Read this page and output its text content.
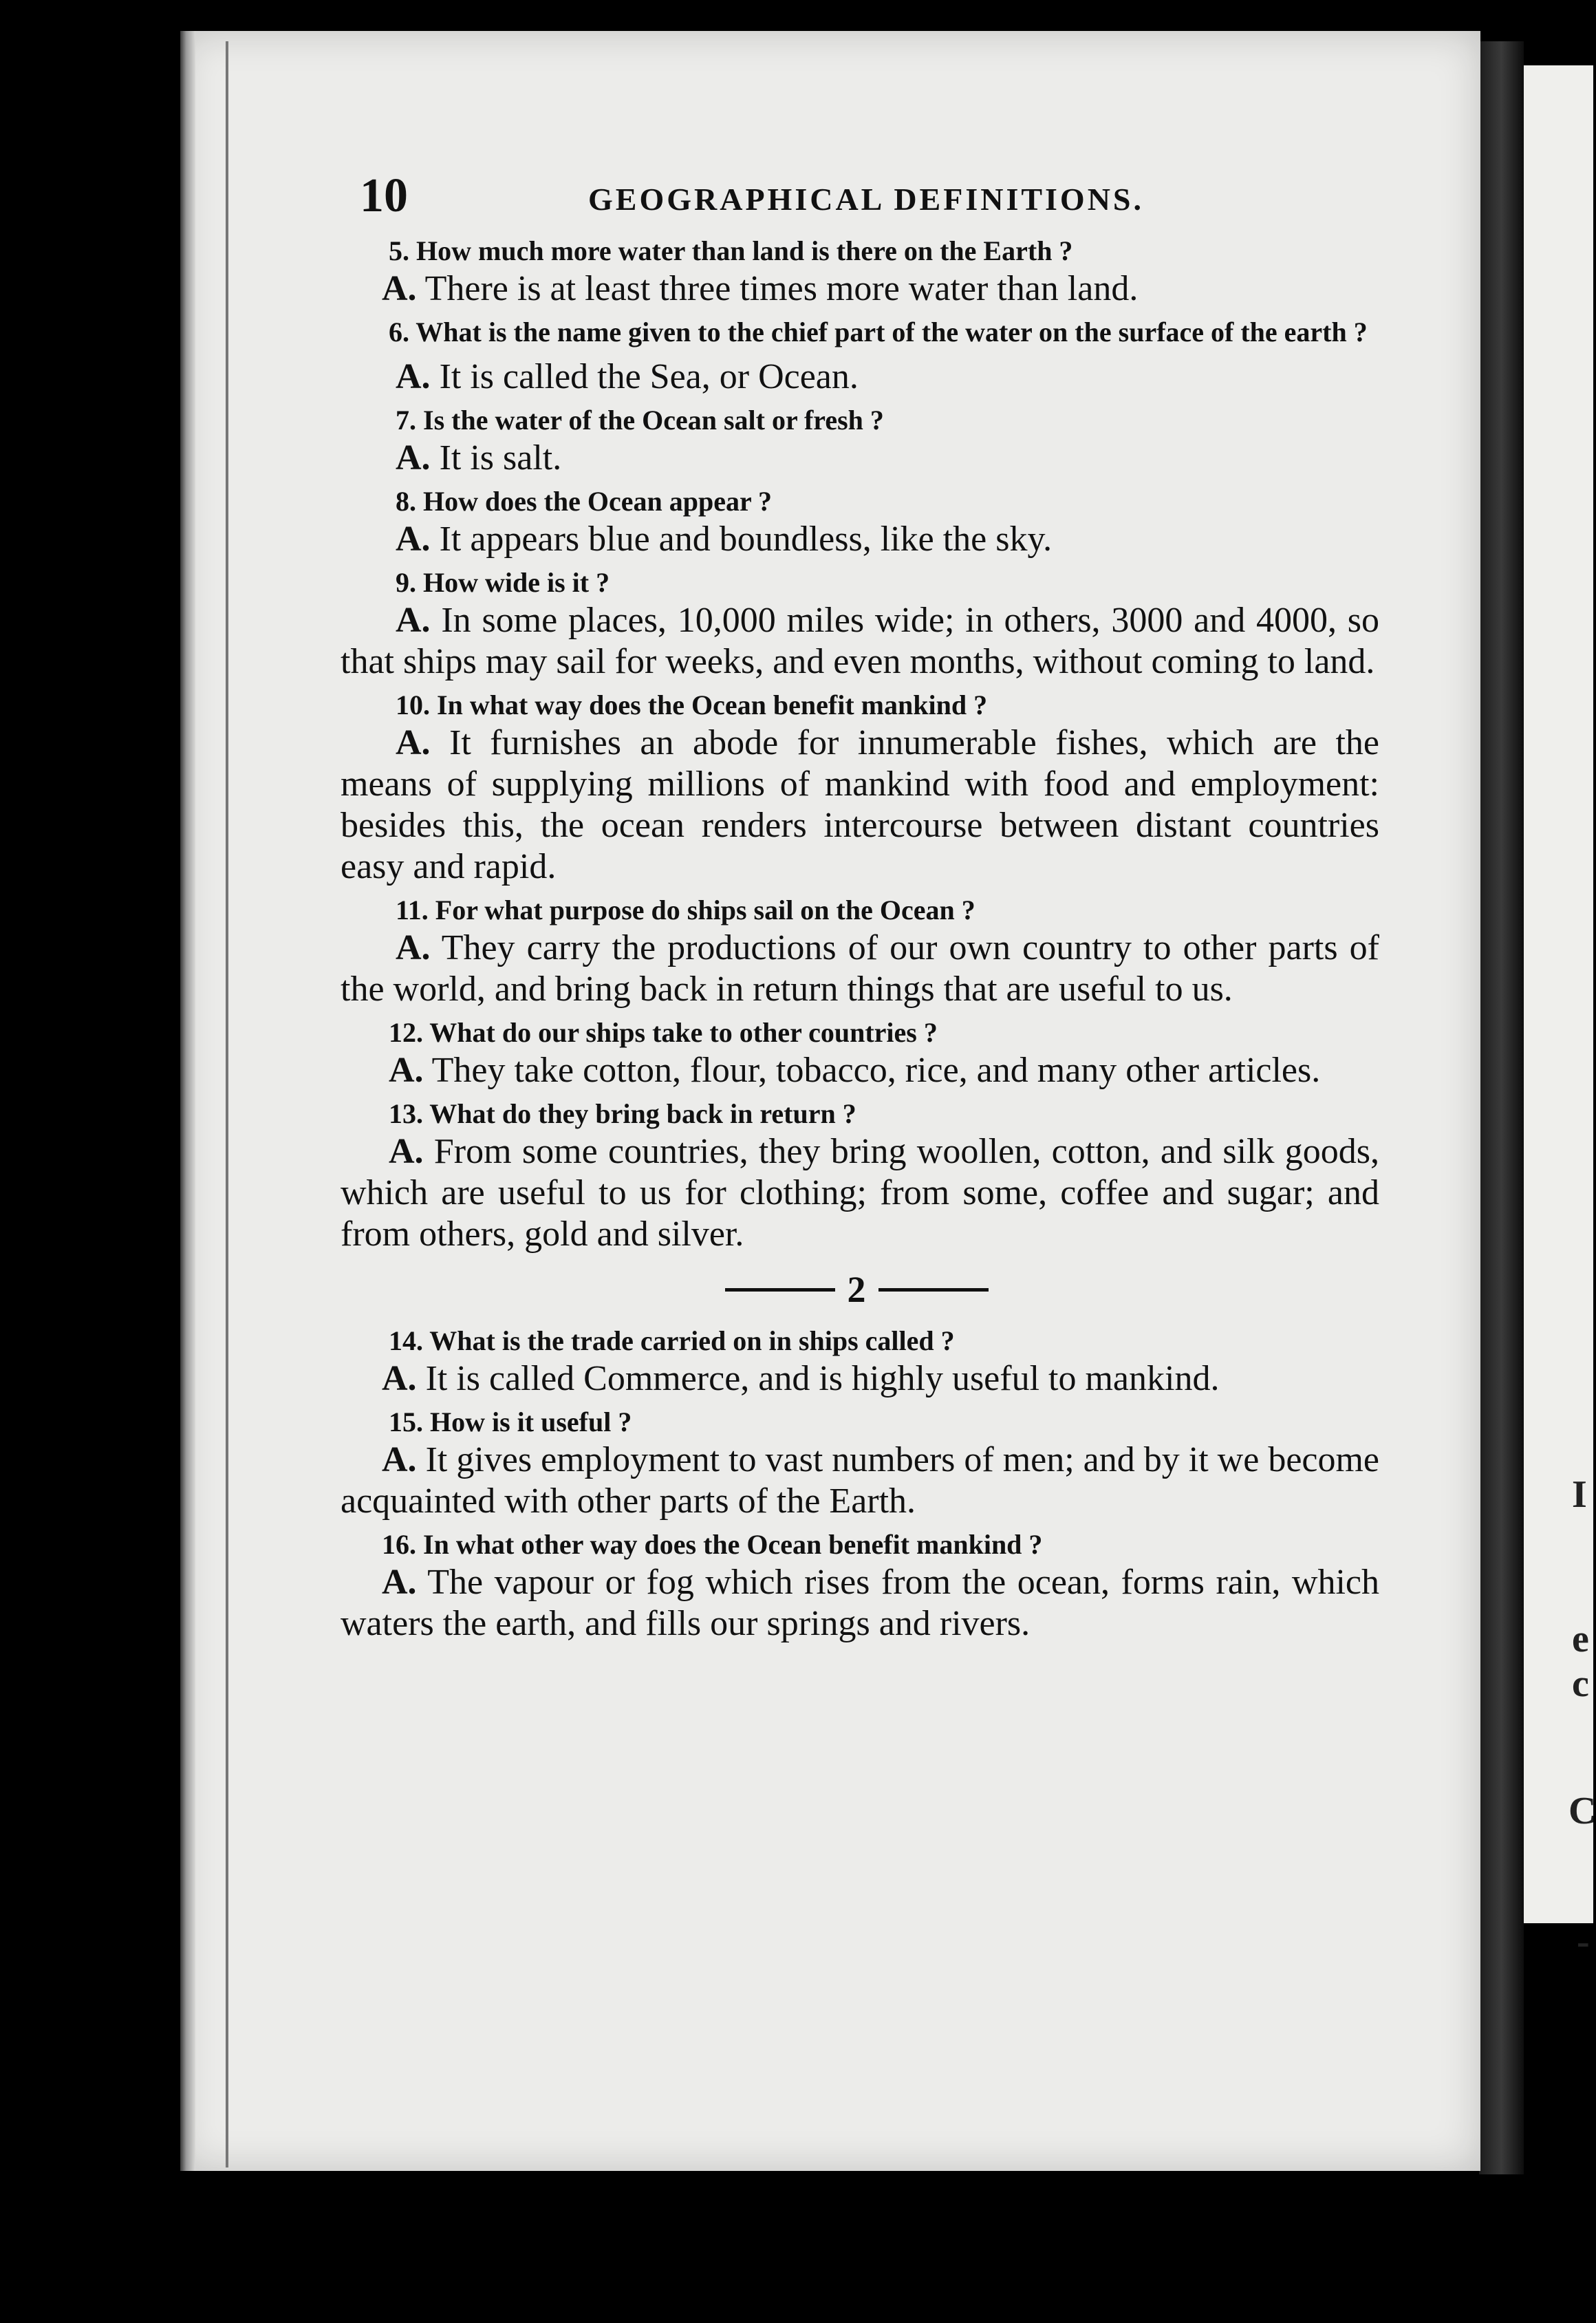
I
e
c
C
-
10	GEOGRAPHICAL DEFINITIONS.

5. How much more water than land is there on the Earth ?

A. There is at least three times more water than land.

6. What is the name given to the chief part of the water on the surface of the earth ?

A. It is called the Sea, or Ocean.

7. Is the water of the Ocean salt or fresh ?

A. It is salt.

8. How does the Ocean appear ?

A. It appears blue and boundless, like the sky.

9. How wide is it ?

A. In some places, 10,000 miles wide; in others, 3000 and 4000, so that ships may sail for weeks, and even months, without coming to land.

10. In what way does the Ocean benefit mankind ?

A. It furnishes an abode for innumerable fishes, which are the means of supplying millions of mankind with food and employment: besides this, the ocean renders intercourse between distant countries easy and rapid.

11. For what purpose do ships sail on the Ocean ?

A. They carry the productions of our own country to other parts of the world, and bring back in return things that are useful to us.

12. What do our ships take to other countries ?

A. They take cotton, flour, tobacco, rice, and many other articles.

13. What do they bring back in return ?

A. From some countries, they bring woollen, cotton, and silk goods, which are useful to us for clothing; from some, coffee and sugar; and from others, gold and silver.

2

14. What is the trade carried on in ships called ?

A. It is called Commerce, and is highly useful to mankind.

15. How is it useful ?

A. It gives employment to vast numbers of men; and by it we become acquainted with other parts of the Earth.

16. In what other way does the Ocean benefit mankind ?

A. The vapour or fog which rises from the ocean, forms rain, which waters the earth, and fills our springs and rivers.
